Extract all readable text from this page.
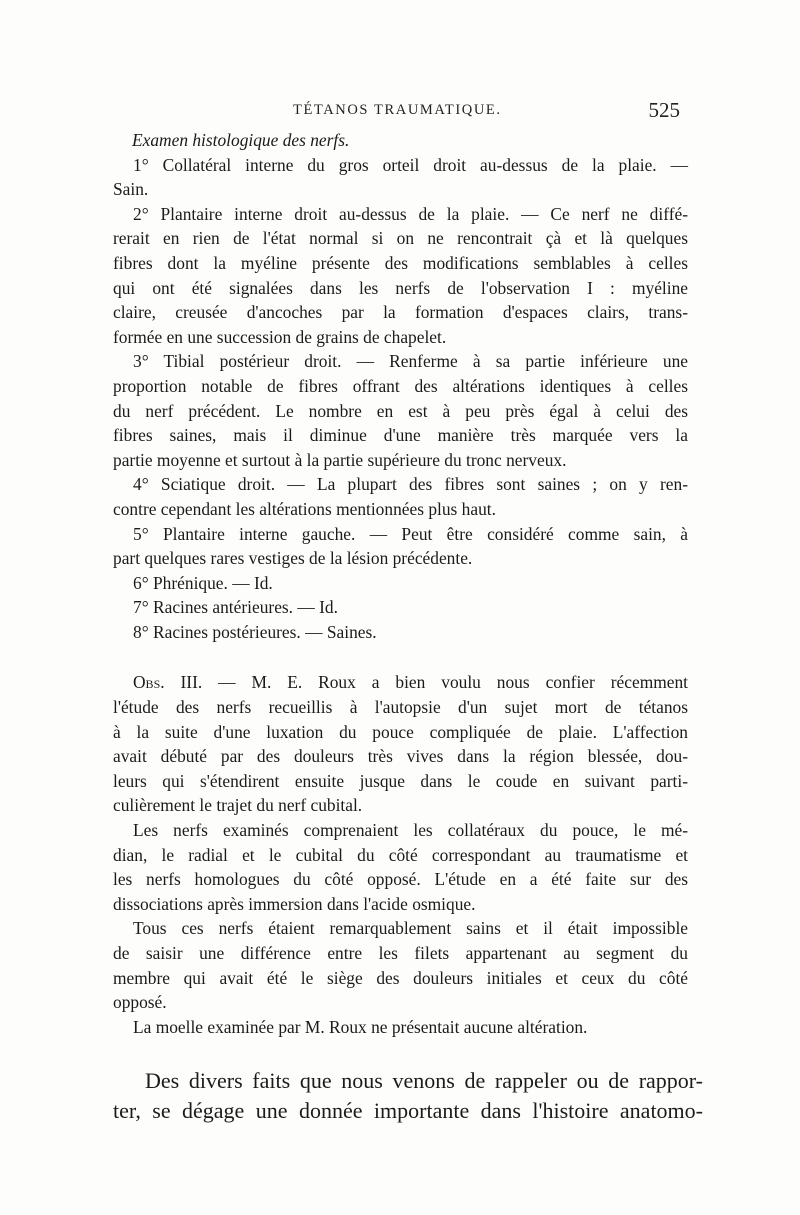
TÉTANOS TRAUMATIQUE.	525
Examen histologique des nerfs.
1° Collatéral interne du gros orteil droit au-dessus de la plaie. —
Sain.
2° Plantaire interne droit au-dessus de la plaie. — Ce nerf ne diffé-
rerait en rien de l'état normal si on ne rencontrait çà et là quelques
fibres dont la myéline présente des modifications semblables à celles
qui ont été signalées dans les nerfs de l'observation I : myéline
claire, creusée d'ancoches par la formation d'espaces clairs, trans-
formée en une succession de grains de chapelet.
3° Tibial postérieur droit. — Renferme à sa partie inférieure une
proportion notable de fibres offrant des altérations identiques à celles
du nerf précédent. Le nombre en est à peu près égal à celui des
fibres saines, mais il diminue d'une manière très marquée vers la
partie moyenne et surtout à la partie supérieure du tronc nerveux.
4° Sciatique droit. — La plupart des fibres sont saines ; on y ren-
contre cependant les altérations mentionnées plus haut.
5° Plantaire interne gauche. — Peut être considéré comme sain, à
part quelques rares vestiges de la lésion précédente.
6° Phrénique. — Id.
7° Racines antérieures. — Id.
8° Racines postérieures. — Saines.
Obs. III. — M. E. Roux a bien voulu nous confier récemment
l'étude des nerfs recueillis à l'autopsie d'un sujet mort de tétanos
à la suite d'une luxation du pouce compliquée de plaie. L'affection
avait débuté par des douleurs très vives dans la région blessée, dou-
leurs qui s'étendirent ensuite jusque dans le coude en suivant parti-
culièrement le trajet du nerf cubital.
Les nerfs examinés comprenaient les collatéraux du pouce, le mé-
dian, le radial et le cubital du côté correspondant au traumatisme et
les nerfs homologues du côté opposé. L'étude en a été faite sur des
dissociations après immersion dans l'acide osmique.
Tous ces nerfs étaient remarquablement sains et il était impossible
de saisir une différence entre les filets appartenant au segment du
membre qui avait été le siège des douleurs initiales et ceux du côté
opposé.
La moelle examinée par M. Roux ne présentait aucune altération.
Des divers faits que nous venons de rappeler ou de rappor-
ter, se dégage une donnée importante dans l'histoire anatomo-
